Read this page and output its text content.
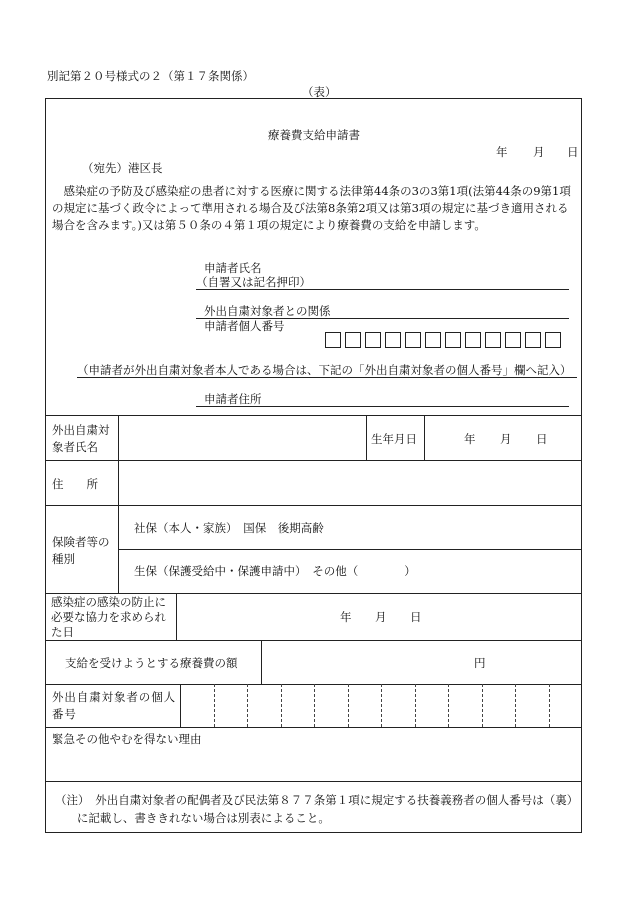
別記第２０号様式の２（第１７条関係）
（表）
療養費支給申請書
年 月 日
（宛先）港区長
感染症の予防及び感染症の患者に対する医療に関する法律第44条の3の3第1項(法第44条の9第1項の規定に基づく政令によって準用される場合及び法第8条第2項又は第3項の規定に基づき適用される場合を含みます。)又は第５０条の４第１項の規定により療養費の支給を申請します。
申請者氏名
（自署又は記名押印）
外出自粛対象者との関係
申請者個人番号
（申請者が外出自粛対象者本人である場合は、下記の「外出自粛対象者の個人番号」欄へ記入）
申請者住所
外出自粛対象者氏名
生年月日	年 月 日
住　　所
保険者等の種別
社保（本人・家族）　国保　後期高齢
生保（保護受給中・保護申請中）　その他（　　　　）
感染症の感染の防止に必要な協力を求められた日
年 月 日
支給を受けようとする療養費の額	円
外出自粛対象者の個人番号
緊急その他やむを得ない理由
（注）　外出自粛対象者の配偶者及び民法第８７７条第１項に規定する扶養義務者の個人番号は（裏）に記載し、書ききれない場合は別表によること。
